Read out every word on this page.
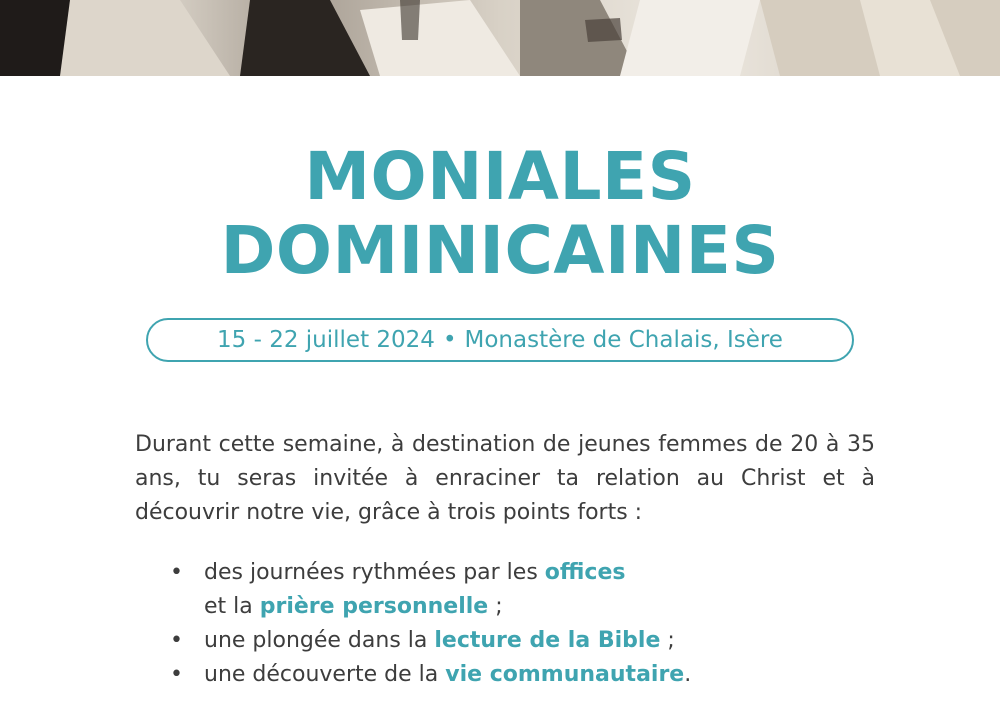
MONIALES
DOMINICAINES
15 - 22 juillet 2024 • Monastère de Chalais, Isère

Durant cette semaine, à destination de jeunes femmes de 20 à 35 ans, tu seras invitée à enraciner ta relation au Christ et à découvrir notre vie, grâce à trois points forts :

• des journées rythmées par les offices
et la prière personnelle ;
• une plongée dans la lecture de la Bible ;
• une découverte de la vie communautaire.
